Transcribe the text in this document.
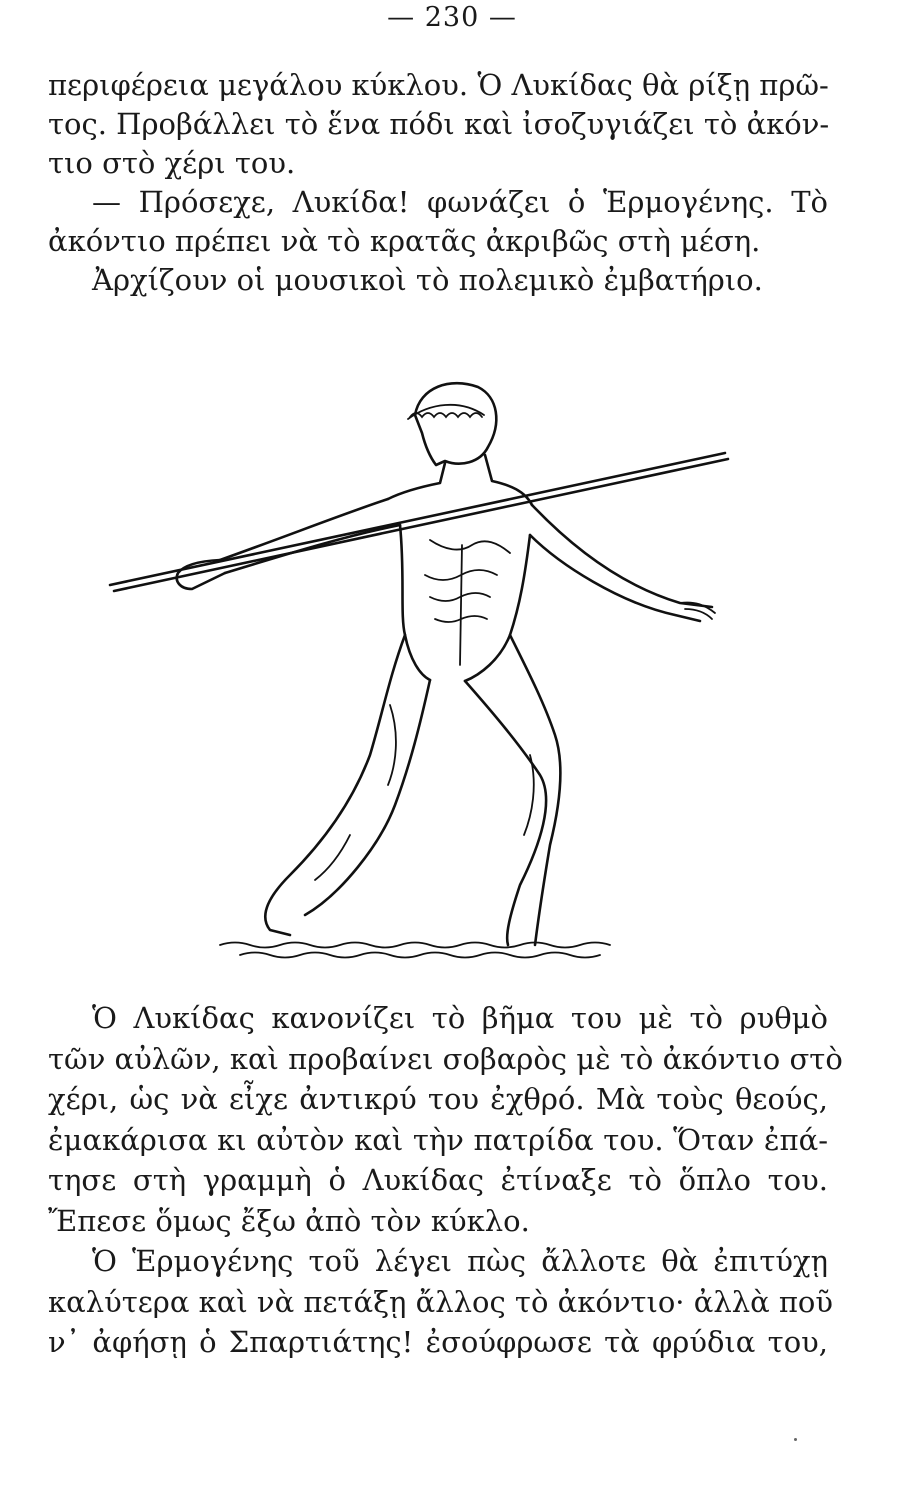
— 230 —

περιφέρεια μεγάλου κύκλου. Ὁ Λυκίδας θὰ ρίξῃ πρῶ-
τος. Προβάλλει τὸ ἕνα πόδι καὶ ἰσοζυγιάζει τὸ ἀκόν-
τιο στὸ χέρι του.

— Πρόσεχε, Λυκίδα! φωνάζει ὁ Ἑρμογένης. Τὸ
ἀκόντιο πρέπει νὰ τὸ κρατᾶς ἀκριβῶς στὴ μέση.

Ἀρχίζουν οἱ μουσικοὶ τὸ πολεμικὸ ἐμβατήριο.

Ὁ Λυκίδας κανονίζει τὸ βῆμα του μὲ τὸ ρυθμὸ
τῶν αὐλῶν, καὶ προβαίνει σοβαρὸς μὲ τὸ ἀκόντιο στὸ
χέρι, ὡς νὰ εἶχε ἀντικρύ του ἐχθρό. Μὰ τοὺς θεούς,
ἐμακάρισα κι αὐτὸν καὶ τὴν πατρίδα του. Ὅταν ἐπά-
τησε στὴ γραμμὴ ὁ Λυκίδας ἐτίναξε τὸ ὅπλο του.
Ἔπεσε ὅμως ἔξω ἀπὸ τὸν κύκλο.

Ὁ Ἑρμογένης τοῦ λέγει πὼς ἄλλοτε θὰ ἐπιτύχῃ
καλύτερα καὶ νὰ πετάξῃ ἄλλος τὸ ἀκόντιο· ἀλλὰ ποῦ
ν᾽ ἀφήσῃ ὁ Σπαρτιάτης! ἐσούφρωσε τὰ φρύδια του,
